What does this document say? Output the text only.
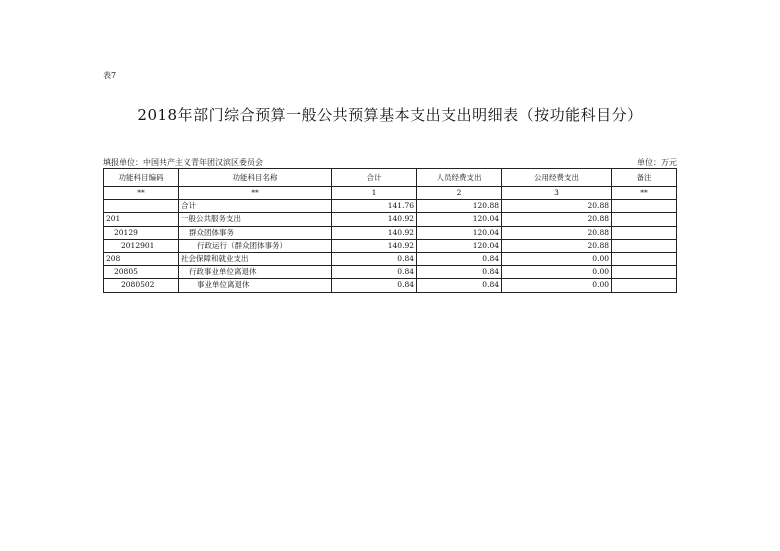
表7
2018年部门综合预算一般公共预算基本支出支出明细表（按功能科目分）
填报单位：中国共产主义青年团汉滨区委员会	单位：万元
功能科目编码	功能科目名称	合计	人员经费支出	公用经费支出	备注
**	**	1	2	3	**
	合计	141.76	120.88	20.88	
201	一般公共服务支出	140.92	120.04	20.88	
20129	群众团体事务	140.92	120.04	20.88	
2012901	行政运行（群众团体事务）	140.92	120.04	20.88	
208	社会保障和就业支出	0.84	0.84	0.00	
20805	行政事业单位离退休	0.84	0.84	0.00	
2080502	事业单位离退休	0.84	0.84	0.00	
